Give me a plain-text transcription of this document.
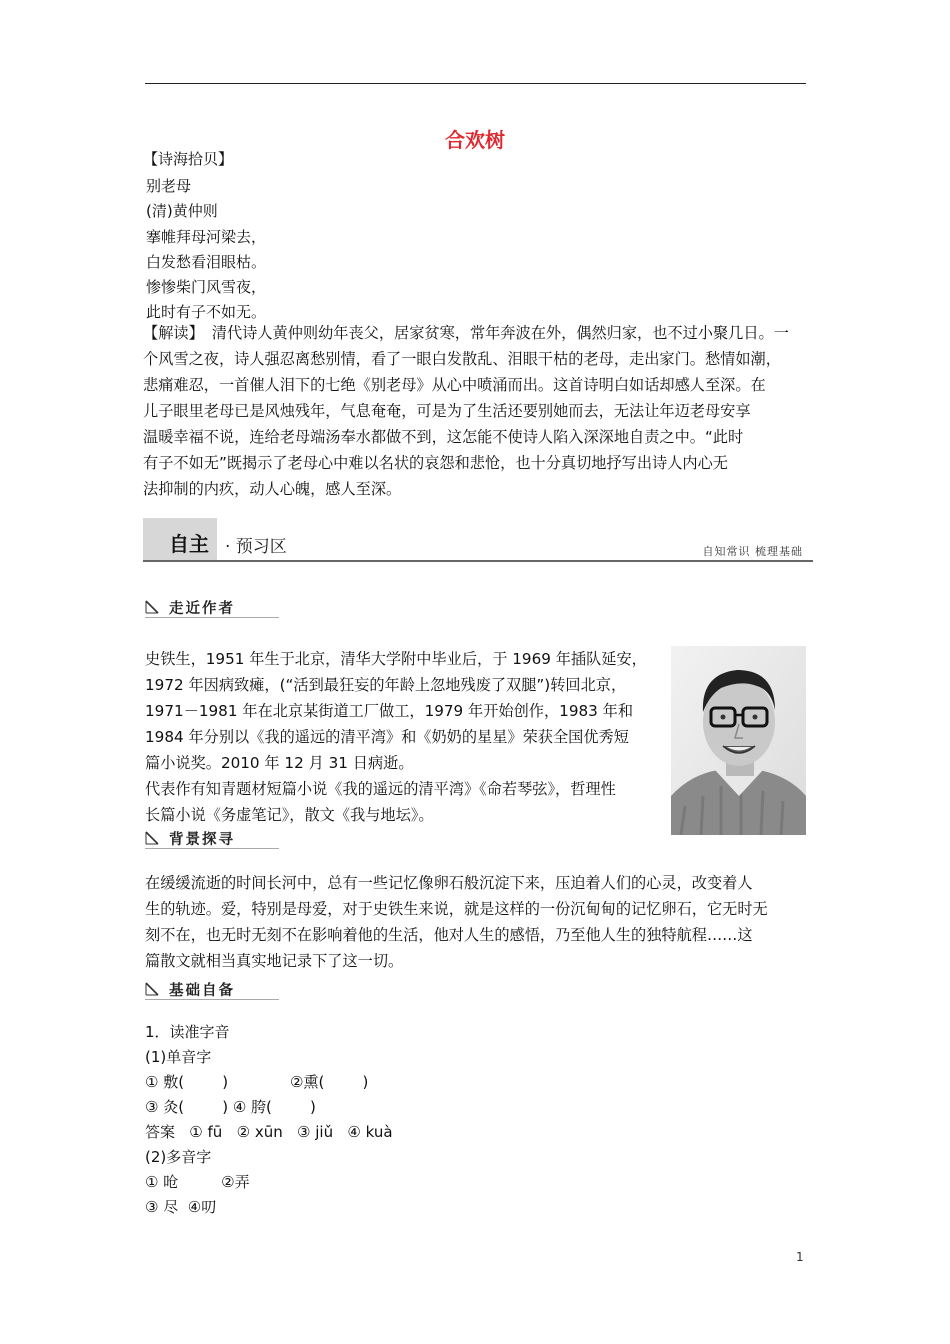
合欢树
【诗海拾贝】
别老母
(清)黄仲则
搴帷拜母河梁去，
白发愁看泪眼枯。
惨惨柴门风雪夜，
此时有子不如无。
【解读】 清代诗人黄仲则幼年丧父，居家贫寒，常年奔波在外，偶然归家，也不过小聚几日。一
个风雪之夜，诗人强忍离愁别情，看了一眼白发散乱、泪眼干枯的老母，走出家门。愁情如潮，
悲痛难忍，一首催人泪下的七绝《别老母》从心中喷涌而出。这首诗明白如话却感人至深。在
儿子眼里老母已是风烛残年，气息奄奄，可是为了生活还要别她而去，无法让年迈老母安享
温暖幸福不说，连给老母端汤奉水都做不到，这怎能不使诗人陷入深深地自责之中。“此时
有子不如无”既揭示了老母心中难以名状的哀怨和悲怆，也十分真切地抒写出诗人内心无
法抑制的内疚，动人心魄，感人至深。
自主 · 预习区	自知常识 梳理基础
走近作者
史铁生，1951 年生于北京，清华大学附中毕业后，于 1969 年插队延安，
1972 年因病致瘫，(“活到最狂妄的年龄上忽地残废了双腿”)转回北京，
1971－1981 年在北京某街道工厂做工，1979 年开始创作，1983 年和
1984 年分别以《我的遥远的清平湾》和《奶奶的星星》荣获全国优秀短
篇小说奖。2010 年 12 月 31 日病逝。
代表作有知青题材短篇小说《我的遥远的清平湾》《命若琴弦》，哲理性
长篇小说《务虚笔记》，散文《我与地坛》。
背景探寻
在缓缓流逝的时间长河中，总有一些记忆像卵石般沉淀下来，压迫着人们的心灵，改变着人
生的轨迹。爱，特别是母爱，对于史铁生来说，就是这样的一份沉甸甸的记忆卵石，它无时无
刻不在，也无时无刻不在影响着他的生活，他对人生的感悟，乃至他人生的独特航程……这
篇散文就相当真实地记录下了这一切。
基础自备
1．读准字音
(1)单音字
① 敷(        )             ②熏(        )
③ 灸(        ) ④ 胯(        )
答案   ① fū   ② xūn   ③ jiǔ   ④ kuà
(2)多音字
① 呛         ②弄
③ 尽  ④叨
1
